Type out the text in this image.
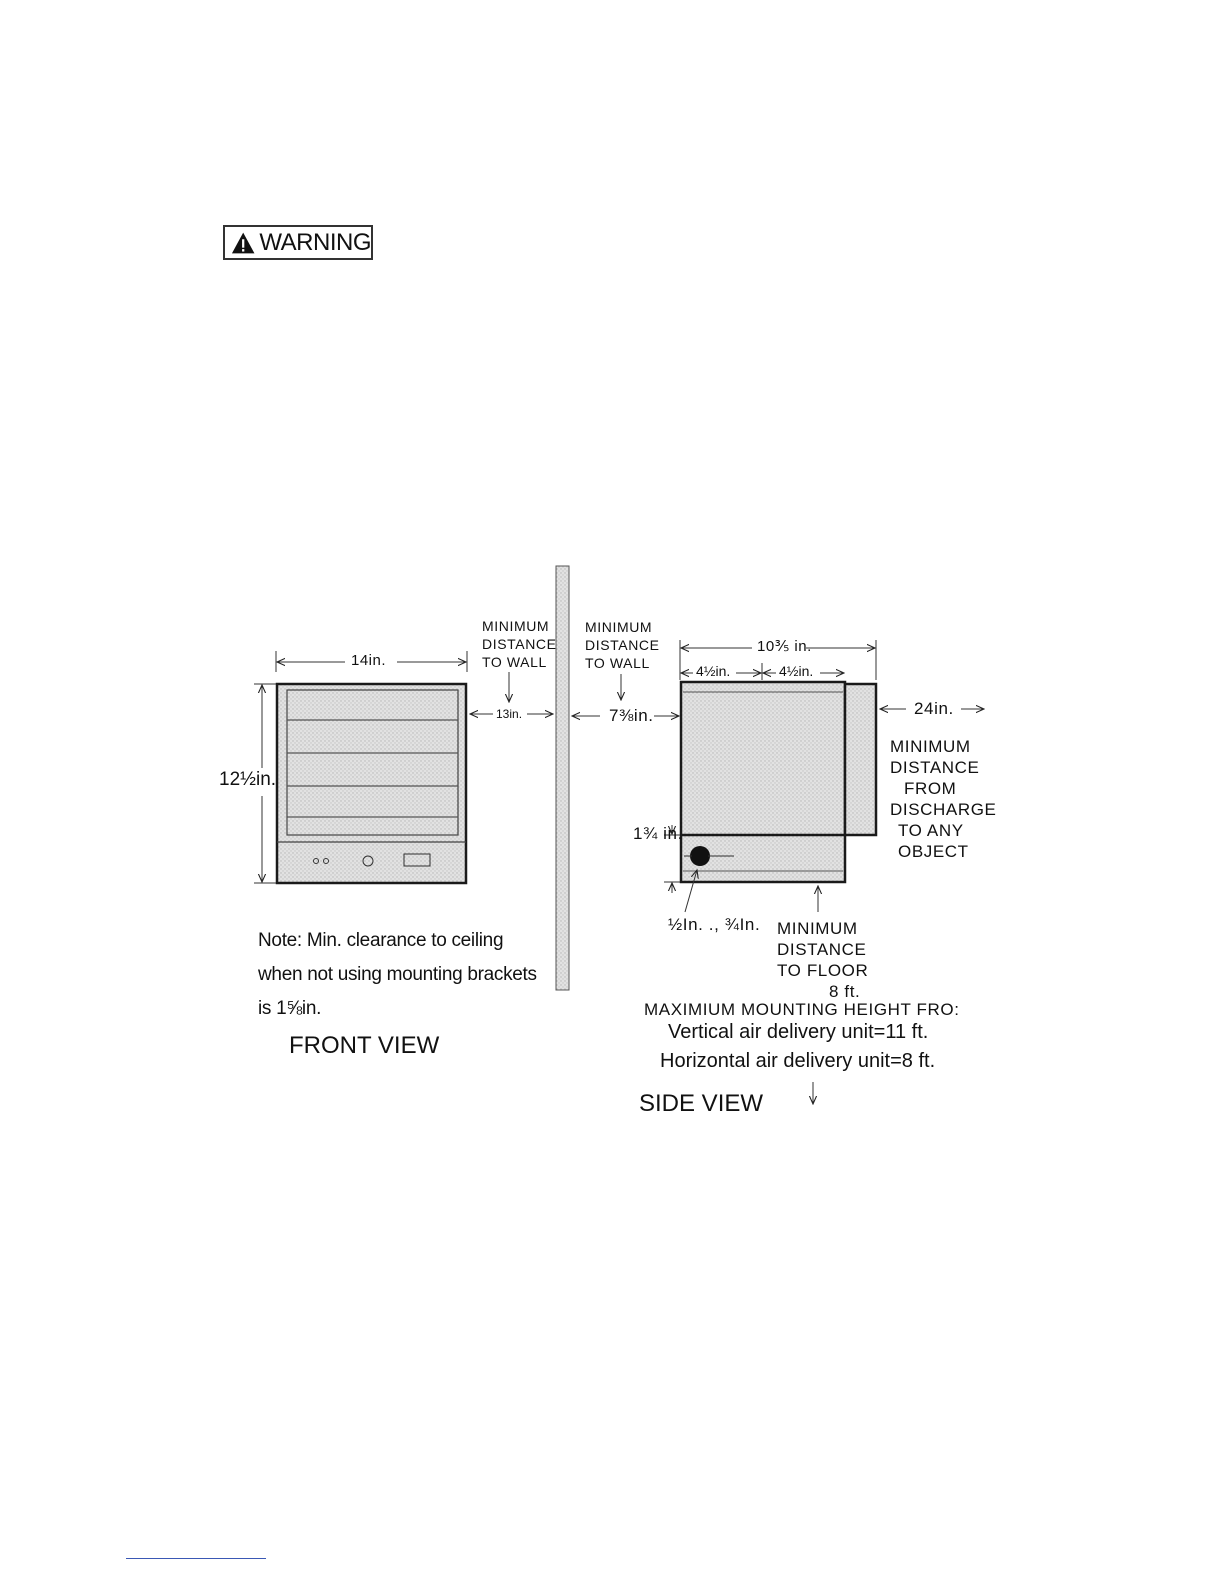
WARNING
14in.
12½in.
13in.
MINIMUM
DISTANCE
TO WALL
Note: Min. clearance to ceiling
when not using mounting brackets
is 1⅝in.
FRONT VIEW
MINIMUM
DISTANCE
TO WALL
7⅜in.
10⅗ in.
4½in.	4½in.
24in.
MINIMUM
DISTANCE
FROM
DISCHARGE
TO ANY
OBJECT
1¾ in.
½In. ., ¾In. MINIMUM
DISTANCE
TO FLOOR
8 ft.
MAXIMIUM MOUNTING HEIGHT FRO:
Vertical air delivery unit=11 ft.
Horizontal air delivery unit=8 ft.
SIDE VIEW
